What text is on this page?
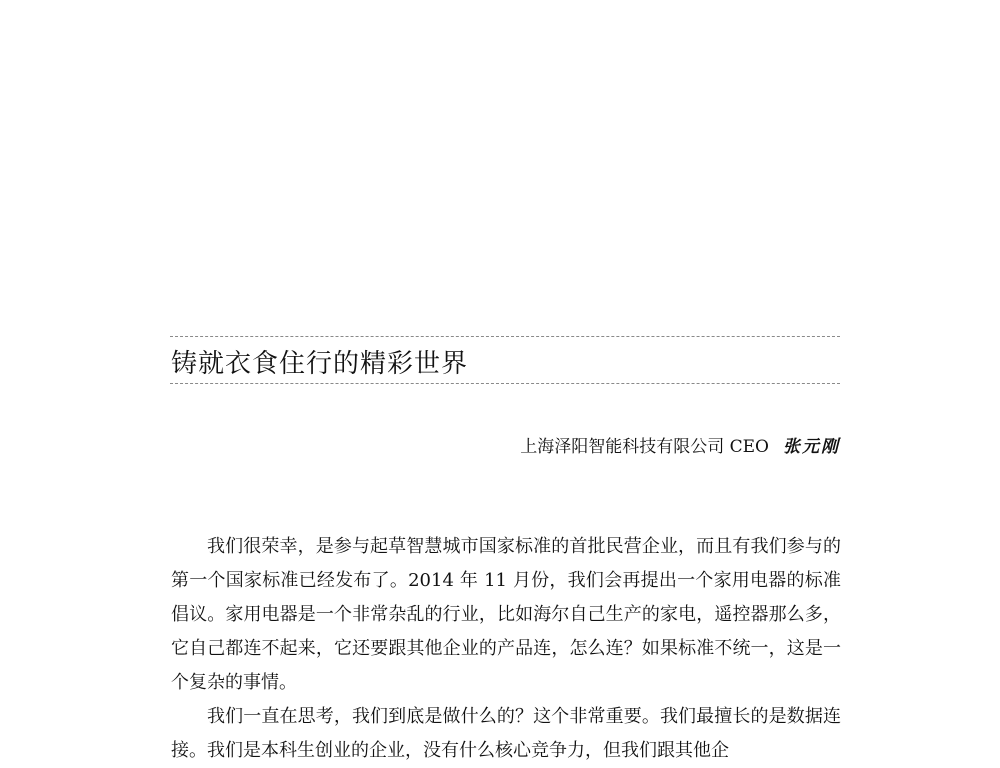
铸就衣食住行的精彩世界
上海泽阳智能科技有限公司 CEO 张元刚

我们很荣幸，是参与起草智慧城市国家标准的首批民营企业，而且有我们参与的第一个国家标准已经发布了。2014 年 11 月份，我们会再提出一个家用电器的标准倡议。家用电器是一个非常杂乱的行业，比如海尔自己生产的家电，遥控器那么多，它自己都连不起来，它还要跟其他企业的产品连，怎么连？如果标准不统一，这是一个复杂的事情。

我们一直在思考，我们到底是做什么的？这个非常重要。我们最擅长的是数据连接。我们是本科生创业的企业，没有什么核心竞争力，但我们跟其他企
